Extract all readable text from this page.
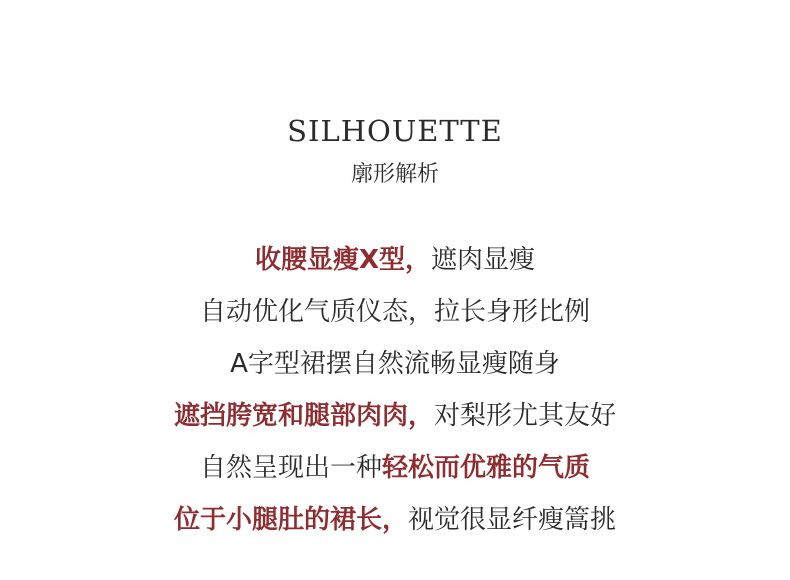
SILHOUETTE
廓形解析
收腰显瘦X型，遮肉显瘦
自动优化气质仪态，拉长身形比例
A字型裙摆自然流畅显瘦随身
遮挡胯宽和腿部肉肉，对梨形尤其友好
自然呈现出一种轻松而优雅的气质
位于小腿肚的裙长，视觉很显纤瘦篙挑
